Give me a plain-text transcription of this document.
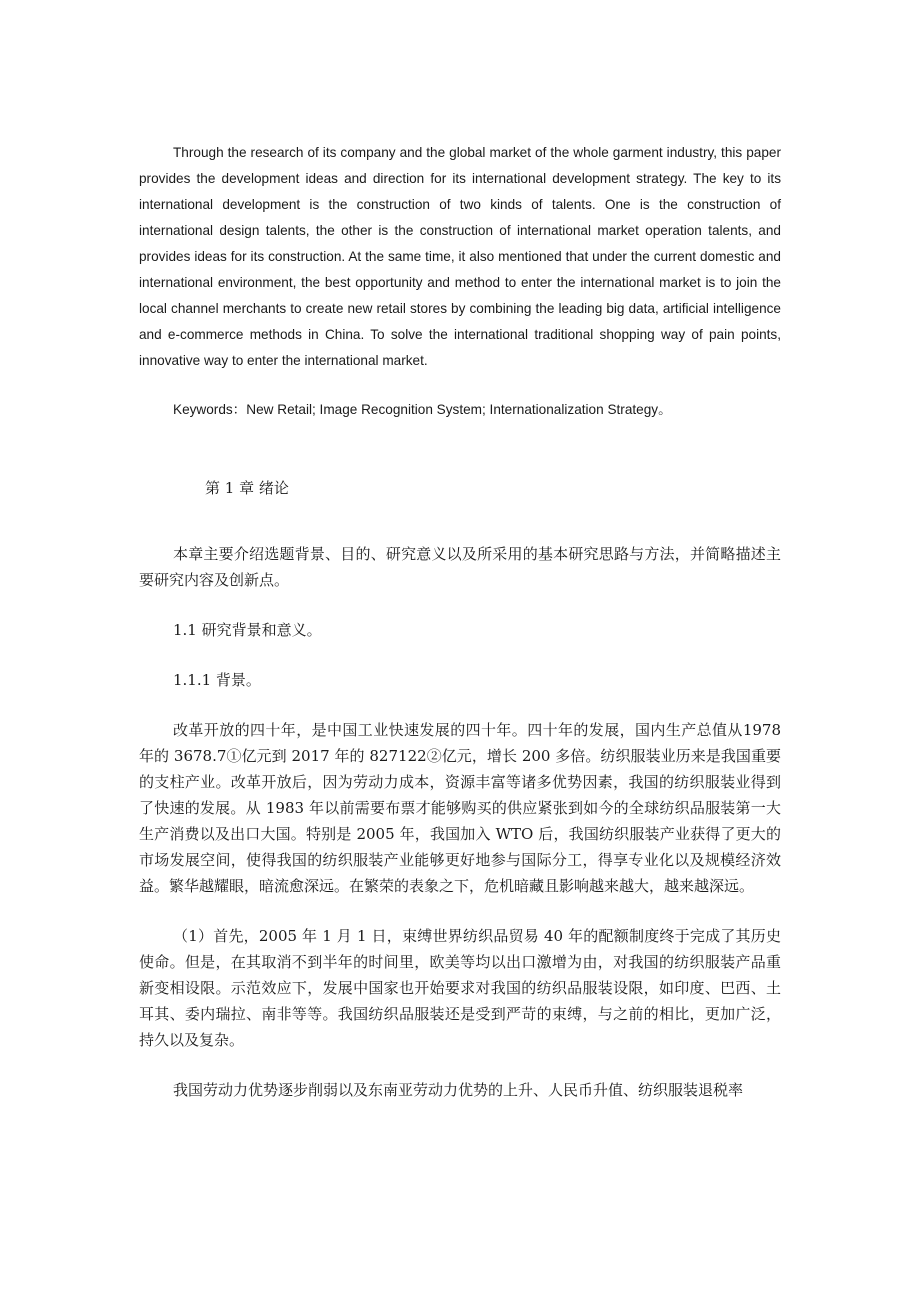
Through the research of its company and the global market of the whole garment industry, this paper provides the development ideas and direction for its international development strategy. The key to its international development is the construction of two kinds of talents. One is the construction of international design talents, the other is the construction of international market operation talents, and provides ideas for its construction. At the same time, it also mentioned that under the current domestic and international environment, the best opportunity and method to enter the international market is to join the local channel merchants to create new retail stores by combining the leading big data, artificial intelligence and e-commerce methods in China. To solve the international traditional shopping way of pain points, innovative way to enter the international market.

Keywords：New Retail; Image Recognition System; Internationalization Strategy。

第 1 章 绪论

本章主要介绍选题背景、目的、研究意义以及所采用的基本研究思路与方法，并简略描述主要研究内容及创新点。

1.1 研究背景和意义。

1.1.1 背景。

改革开放的四十年，是中国工业快速发展的四十年。四十年的发展，国内生产总值从1978 年的 3678.7①亿元到 2017 年的 827122②亿元，增长 200 多倍。纺织服装业历来是我国重要的支柱产业。改革开放后，因为劳动力成本，资源丰富等诸多优势因素，我国的纺织服装业得到了快速的发展。从 1983 年以前需要布票才能够购买的供应紧张到如今的全球纺织品服装第一大生产消费以及出口大国。特别是 2005 年，我国加入 WTO 后，我国纺织服装产业获得了更大的市场发展空间，使得我国的纺织服装产业能够更好地参与国际分工，得享专业化以及规模经济效益。繁华越耀眼，暗流愈深远。在繁荣的表象之下，危机暗藏且影响越来越大，越来越深远。

（1）首先，2005 年 1 月 1 日，束缚世界纺织品贸易 40 年的配额制度终于完成了其历史使命。但是，在其取消不到半年的时间里，欧美等均以出口激增为由，对我国的纺织服装产品重新变相设限。示范效应下，发展中国家也开始要求对我国的纺织品服装设限，如印度、巴西、土耳其、委内瑞拉、南非等等。我国纺织品服装还是受到严苛的束缚，与之前的相比，更加广泛，持久以及复杂。

我国劳动力优势逐步削弱以及东南亚劳动力优势的上升、人民币升值、纺织服装退税率
